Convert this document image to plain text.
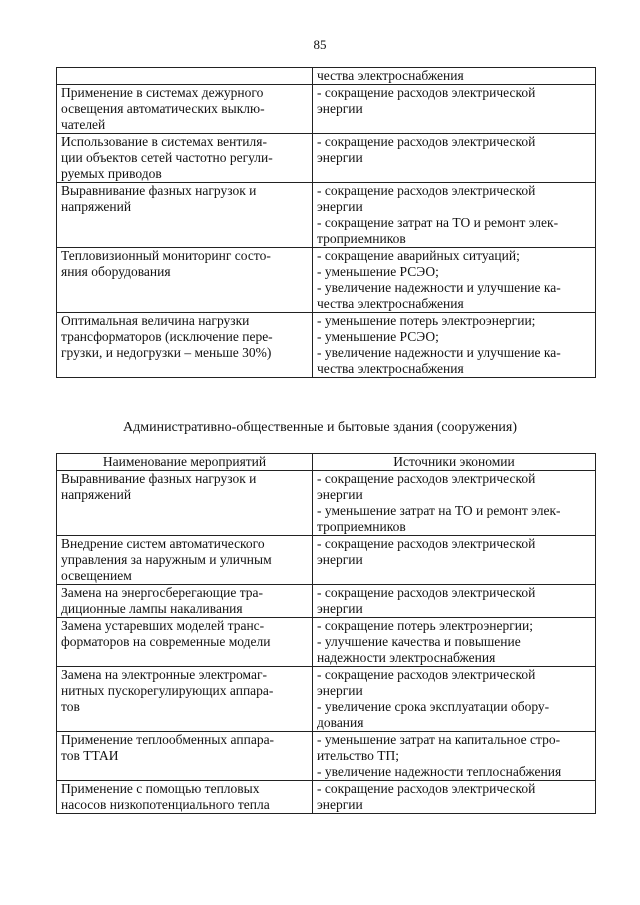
85

	чества электроснабжения

Применение в системах дежурного
освещения автоматических выклю-
чателей	- сокращение расходов электрической
энергии

Использование в системах вентиля-
ции объектов сетей частотно регули-
руемых приводов	- сокращение расходов электрической
энергии

Выравнивание фазных нагрузок и
напряжений	- сокращение расходов электрической
энергии
- сокращение затрат на ТО и ремонт элек-
троприемников

Тепловизионный мониторинг состо-
яния оборудования	- сокращение аварийных ситуаций;
- уменьшение РСЭО;
- увеличение надежности и улучшение ка-
чества электроснабжения

Оптимальная величина нагрузки
трансформаторов (исключение пере-
грузки, и недогрузки – меньше 30%)	- уменьшение потерь электроэнергии;
- уменьшение РСЭО;
- увеличение надежности и улучшение ка-
чества электроснабжения
Административно-общественные и бытовые здания (сооружения)
Наименование мероприятий	Источники экономии

Выравнивание фазных нагрузок и
напряжений	- сокращение расходов электрической
энергии
- уменьшение затрат на ТО и ремонт элек-
троприемников

Внедрение систем автоматического
управления за наружным и уличным
освещением	- сокращение расходов электрической
энергии

Замена на энергосберегающие тра-
диционные лампы накаливания	- сокращение расходов электрической
энергии

Замена устаревших моделей транс-
форматоров на современные модели	- сокращение потерь электроэнергии;
- улучшение качества и повышение
надежности электроснабжения

Замена на электронные электромаг-
нитных пускорегулирующих аппара-
тов	- сокращение расходов электрической
энергии
- увеличение срока эксплуатации обору-
дования

Применение теплообменных аппара-
тов ТТАИ	- уменьшение затрат на капитальное стро-
ительство ТП;
- увеличение надежности теплоснабжения

Применение с помощью тепловых
насосов низкопотенциального тепла	- сокращение расходов электрической
энергии
